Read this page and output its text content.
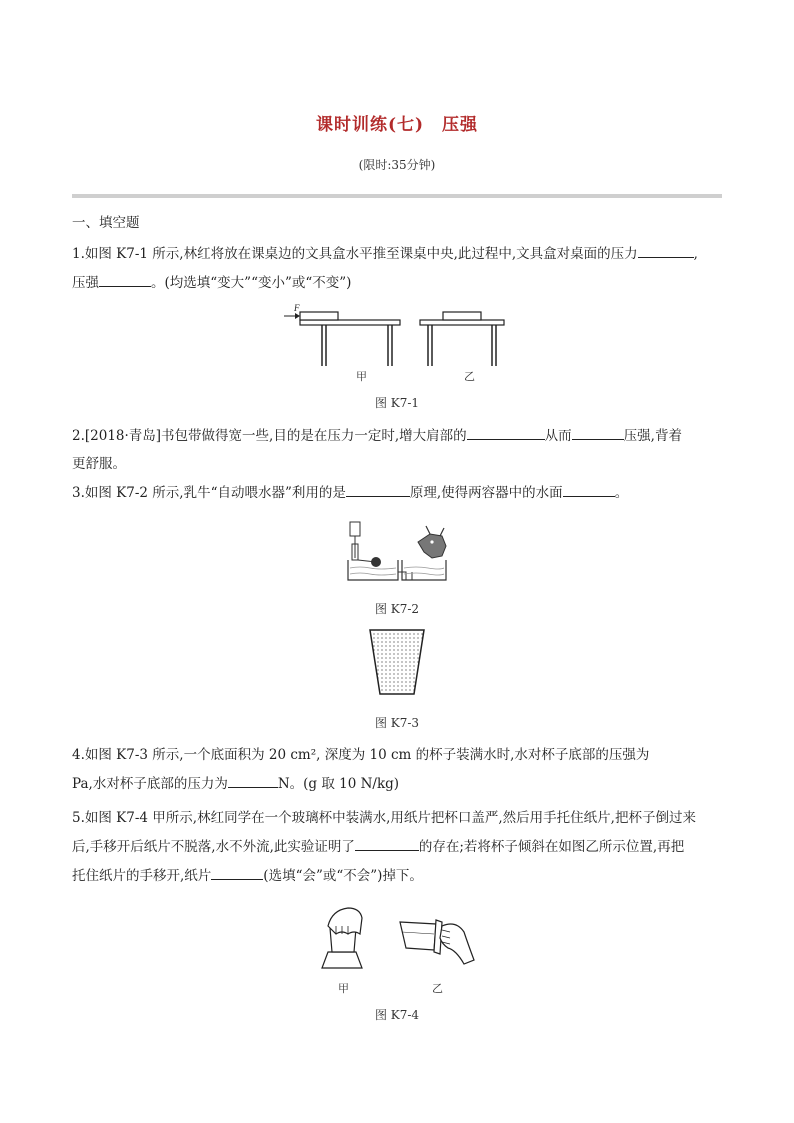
课时训练(七)　压强
(限时:35分钟)
一、填空题
1.如图 K7-1 所示,林红将放在课桌边的文具盒水平推至课桌中央,此过程中,文具盒对桌面的压力	,
压强	。(均选填“变大”“变小”或“不变”)
F
甲	乙
图 K7-1
2.[2018·青岛]书包带做得宽一些,目的是在压力一定时,增大肩部的	从而	压强,背着
更舒服。
3.如图 K7-2 所示,乳牛“自动喂水器”利用的是	原理,使得两容器中的水面	。
图 K7-2
图 K7-3
4.如图 K7-3 所示,一个底面积为 20 cm², 深度为 10 cm 的杯子装满水时,水对杯子底部的压强为
Pa,水对杯子底部的压力为	N。(g 取 10 N/kg)
5.如图 K7-4 甲所示,林红同学在一个玻璃杯中装满水,用纸片把杯口盖严,然后用手托住纸片,把杯子倒过来
后,手移开后纸片不脱落,水不外流,此实验证明了	的存在;若将杯子倾斜在如图乙所示位置,再把
托住纸片的手移开,纸片	(选填“会”或“不会”)掉下。
甲	乙
图 K7-4
